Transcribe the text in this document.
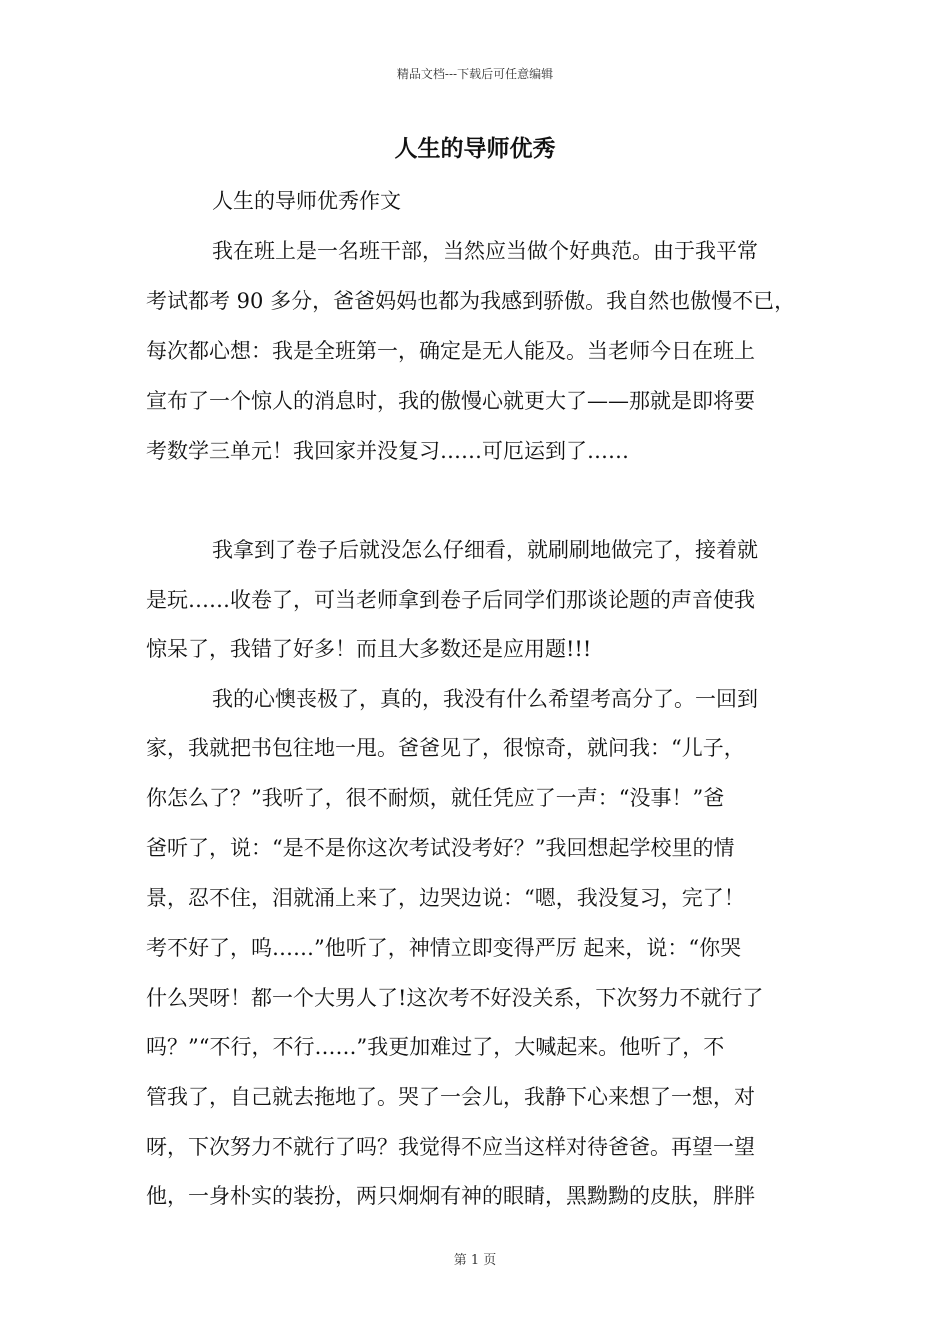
精品文档---下载后可任意编辑
人生的导师优秀
人生的导师优秀作文
我在班上是一名班干部，当然应当做个好典范。由于我平常
考试都考 90 多分，爸爸妈妈也都为我感到骄傲。我自然也傲慢不已，
每次都心想：我是全班第一，确定是无人能及。当老师今日在班上
宣布了一个惊人的消息时，我的傲慢心就更大了——那就是即将要
考数学三单元！我回家并没复习……可厄运到了……
我拿到了卷子后就没怎么仔细看，就刷刷地做完了，接着就
是玩……收卷了，可当老师拿到卷子后同学们那谈论题的声音使我
惊呆了，我错了好多！而且大多数还是应用题!!!
我的心懊丧极了，真的，我没有什么希望考高分了。一回到
家，我就把书包往地一甩。爸爸见了，很惊奇，就问我：“儿子，
你怎么了？”我听了，很不耐烦，就任凭应了一声：“没事！”爸
爸听了，说：“是不是你这次考试没考好？”我回想起学校里的情
景，忍不住，泪就涌上来了，边哭边说：“嗯，我没复习，完了！
考不好了，呜……”他听了，神情立即变得严厉 起来，说：“你哭
什么哭呀！都一个大男人了!这次考不好没关系，下次努力不就行了
吗？”“不行，不行……”我更加难过了，大喊起来。他听了，不
管我了，自己就去拖地了。哭了一会儿，我静下心来想了一想，对
呀，下次努力不就行了吗？我觉得不应当这样对待爸爸。再望一望
他，一身朴实的装扮，两只炯炯有神的眼睛，黑黝黝的皮肤，胖胖
第 1 页
